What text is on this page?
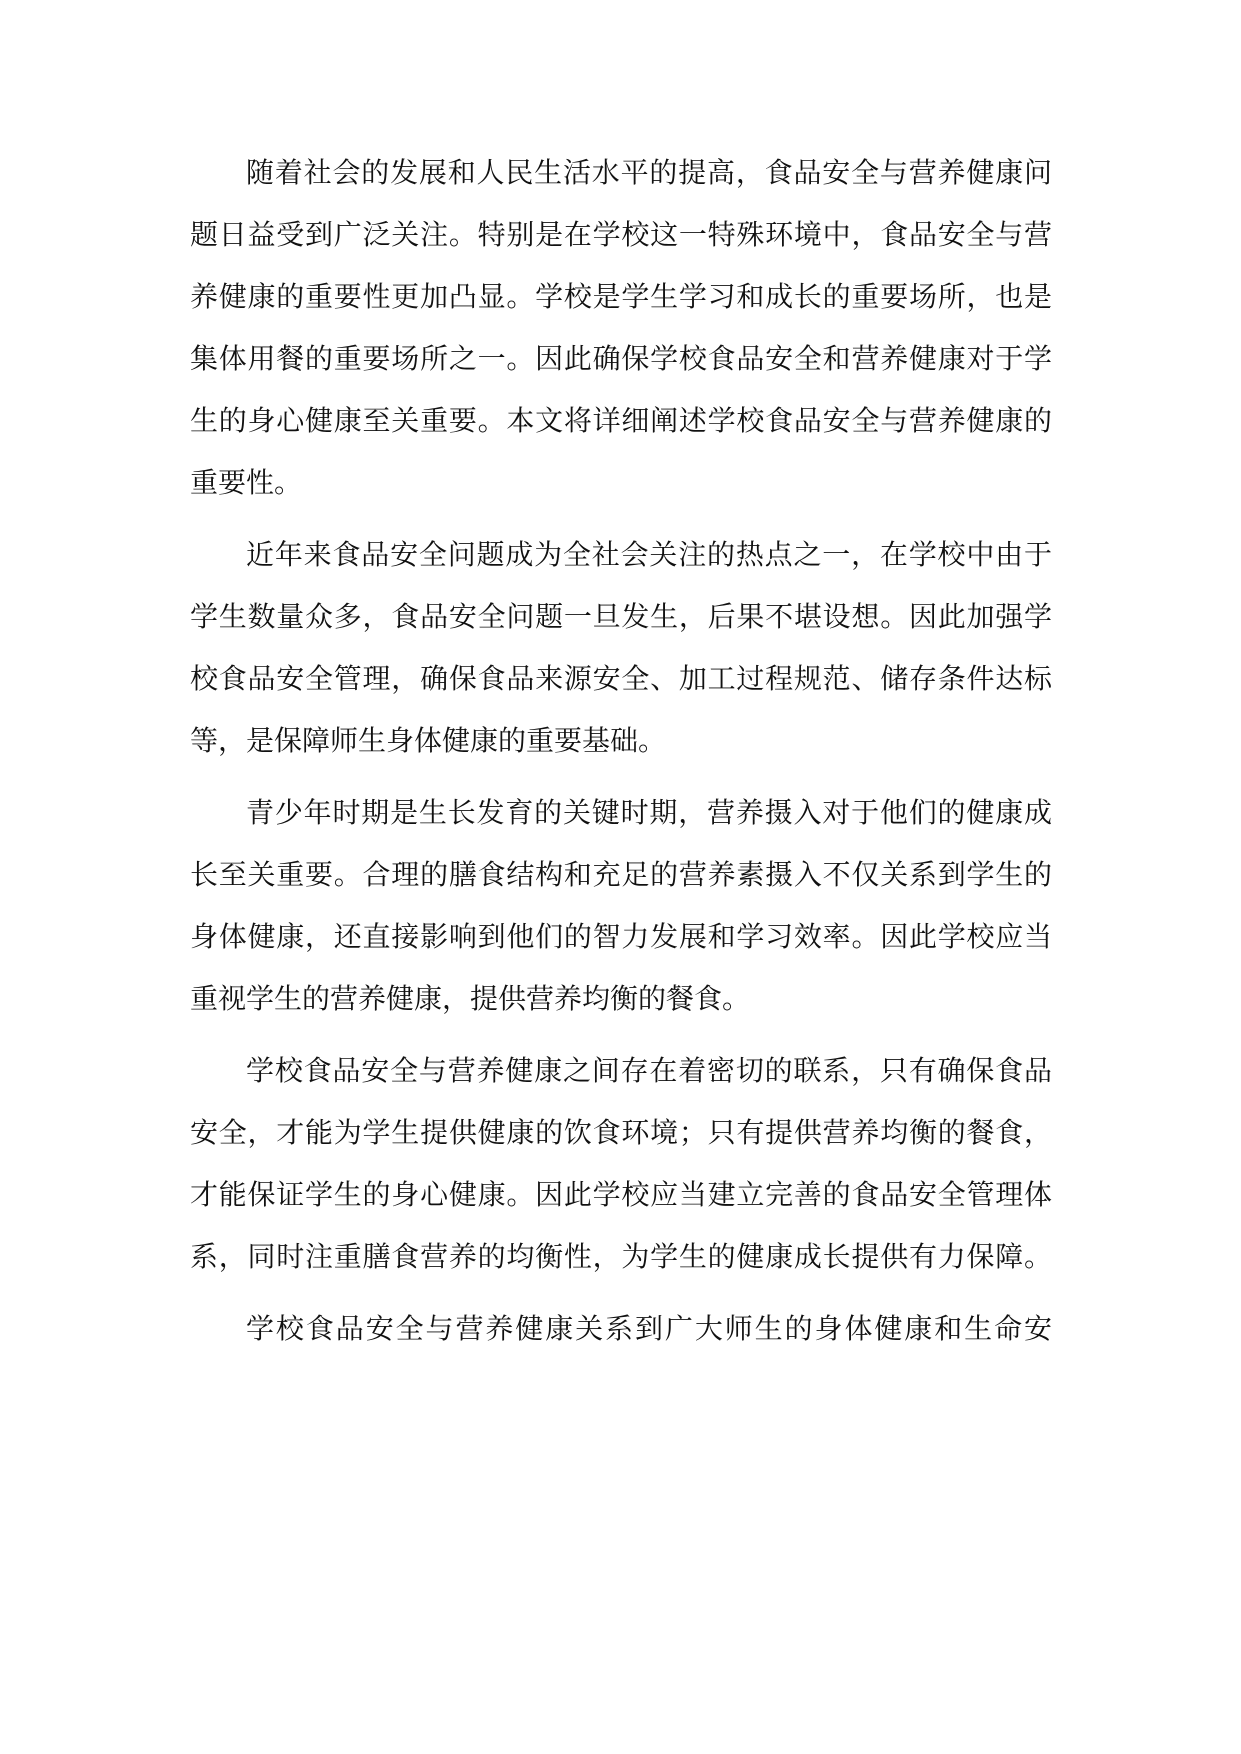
随着社会的发展和人民生活水平的提高，食品安全与营养健康问
题日益受到广泛关注。特别是在学校这一特殊环境中，食品安全与营
养健康的重要性更加凸显。学校是学生学习和成长的重要场所，也是
集体用餐的重要场所之一。因此确保学校食品安全和营养健康对于学
生的身心健康至关重要。本文将详细阐述学校食品安全与营养健康的
重要性。
近年来食品安全问题成为全社会关注的热点之一，在学校中由于
学生数量众多，食品安全问题一旦发生，后果不堪设想。因此加强学
校食品安全管理，确保食品来源安全、加工过程规范、储存条件达标
等，是保障师生身体健康的重要基础。
青少年时期是生长发育的关键时期，营养摄入对于他们的健康成
长至关重要。合理的膳食结构和充足的营养素摄入不仅关系到学生的
身体健康，还直接影响到他们的智力发展和学习效率。因此学校应当
重视学生的营养健康，提供营养均衡的餐食。
学校食品安全与营养健康之间存在着密切的联系，只有确保食品
安全，才能为学生提供健康的饮食环境；只有提供营养均衡的餐食，
才能保证学生的身心健康。因此学校应当建立完善的食品安全管理体
系，同时注重膳食营养的均衡性，为学生的健康成长提供有力保障。
学校食品安全与营养健康关系到广大师生的身体健康和生命安
